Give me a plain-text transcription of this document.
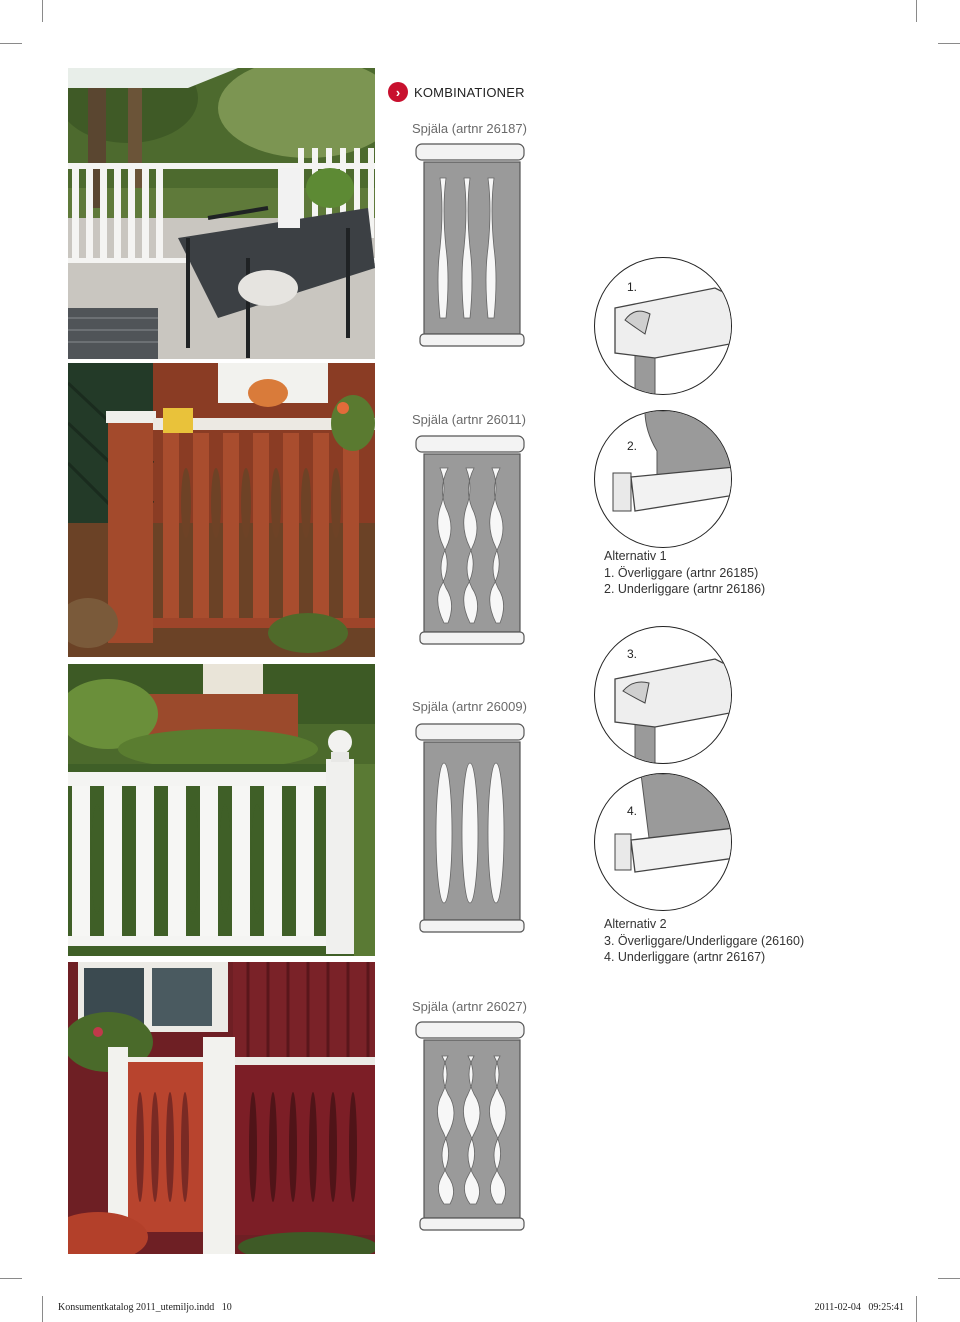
›	KOMBINATIONER
Spjäla (artnr 26187)
Spjäla (artnr 26011)
Spjäla (artnr 26009)
Spjäla (artnr 26027)
1.
2.
3.
4.
Alternativ 1
1. Överliggare (artnr 26185)
2. Underliggare (artnr 26186)
Alternativ 2
3. Överliggare/Underliggare (26160)
4. Underliggare (artnr 26167)
Konsumentkatalog 2011_utemiljo.indd   10	2011-02-04   09:25:41
